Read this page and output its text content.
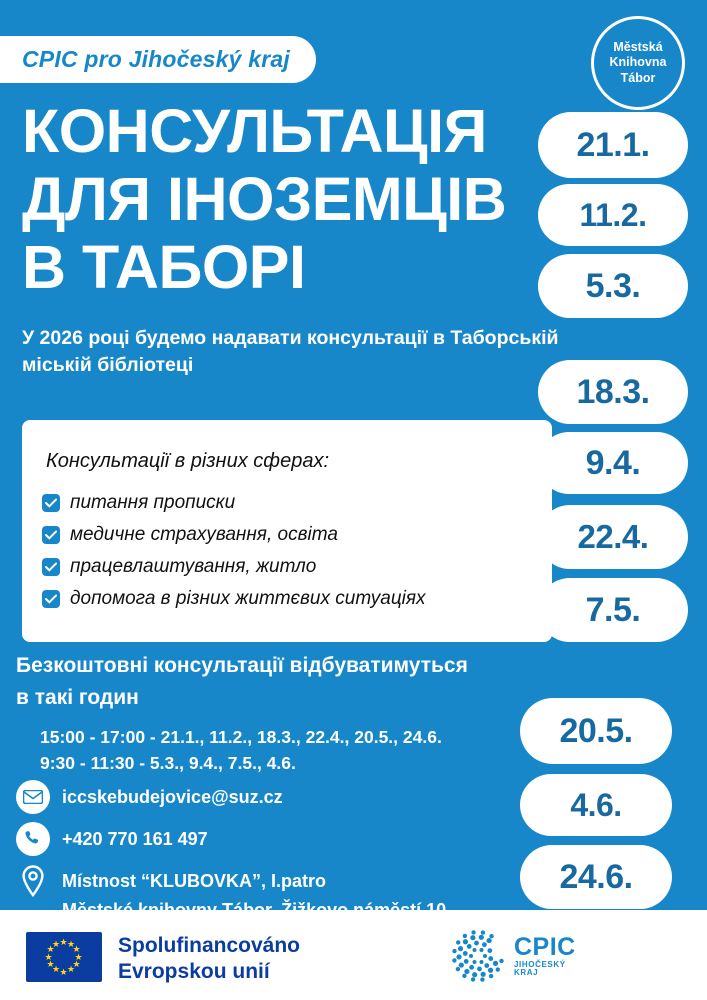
CPIC pro Jihočeský kraj	Městská
Knihovna
Tábor
КОНСУЛЬТАЦІЯ
ДЛЯ ІНОЗЕМЦІВ
В ТАБОРІ
У 2026 році будемо надавати консультації в Таборській міській бібліотеці
21.1.
11.2.
5.3.
18.3.
9.4.
22.4.
7.5.
20.5.
4.6.
24.6.
Консультації в різних сферах:
питання прописки
медичне страхування, освіта
працевлаштування, житло
допомога в різних життєвих ситуаціях
Безкоштовні консультації відбуватимуться
в такі годин
15:00 - 17:00 - 21.1., 11.2., 18.3., 22.4., 20.5., 24.6.
9:30 - 11:30 - 5.3., 9.4., 7.5., 4.6.
iccskebudejovice@suz.cz
+420 770 161 497
Místnost “KLUBOVKA”, I.patro
★ ★
★
★
★
★
★
★
★
★
★
★	Spolufinancováno
Evropskou unií
CPIC
JIHOČESKÝ
KRAJ
